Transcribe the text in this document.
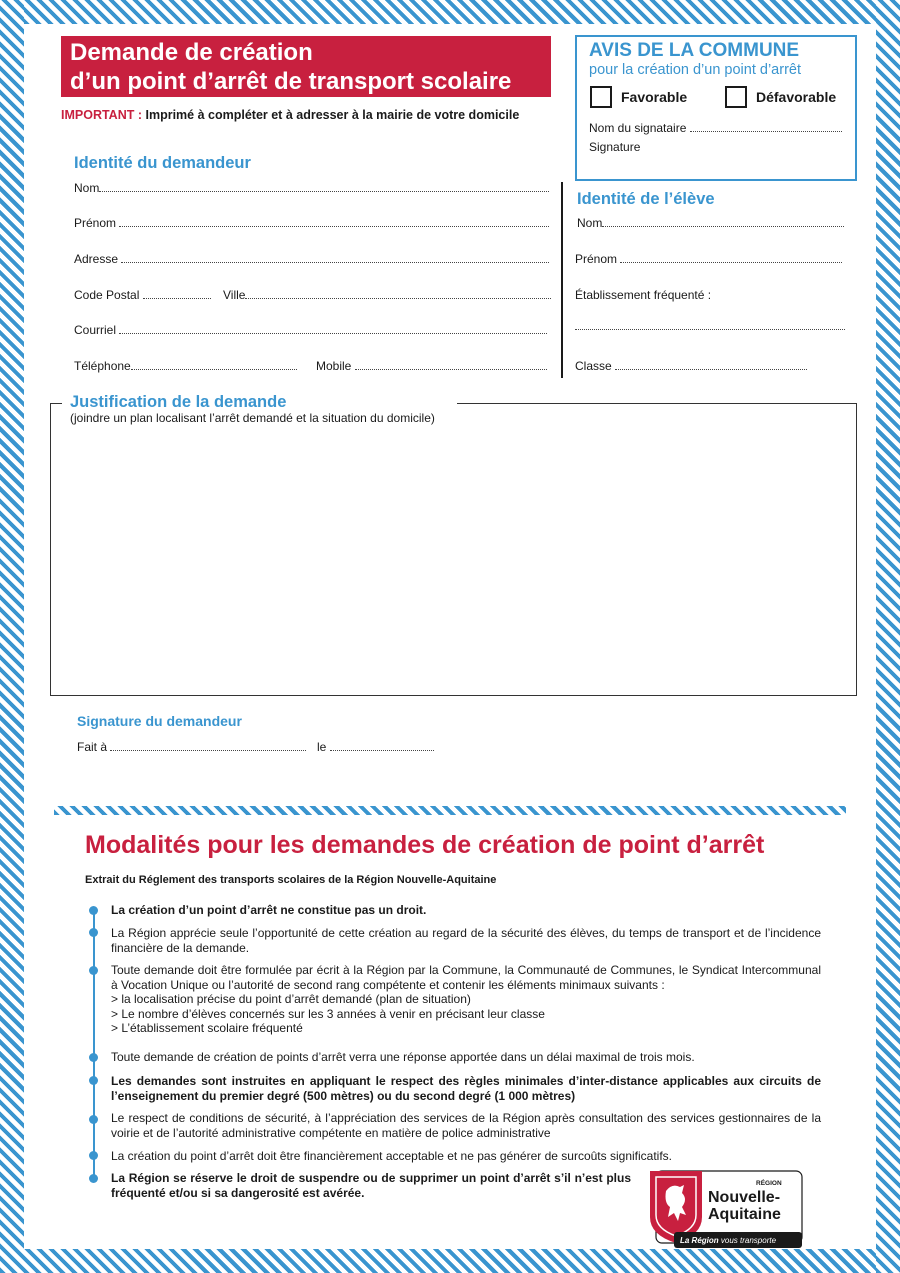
Demande de création
d’un point d’arrêt de transport scolaire
IMPORTANT : Imprimé à compléter et à adresser à la mairie de votre domicile
AVIS DE LA COMMUNE
pour la création d’un point d’arrêt
Favorable	Défavorable
Nom du signataire
Signature
Identité du demandeur
Nom
Prénom
Adresse
Code Postal	Ville
Courriel
Téléphone	Mobile
Identité de l’élève
Nom
Prénom
Établissement fréquenté :
Classe
Justification de la demande
(joindre un plan localisant l’arrêt demandé et la situation du domicile)
Signature du demandeur
Fait à	le
Modalités pour les demandes de création de point d’arrêt
Extrait du Réglement des transports scolaires de la Région Nouvelle-Aquitaine
La création d’un point d’arrêt ne constitue pas un droit.
La Région apprécie seule l’opportunité de cette création au regard de la sécurité des élèves, du temps de transport et de l’incidence financière de la demande.
Toute demande doit être formulée par écrit à la Région par la Commune, la Communauté de Communes, le Syndicat Intercommunal à Vocation Unique ou l’autorité de second rang compétente et contenir les éléments minimaux suivants :
> la localisation précise du point d’arrêt demandé (plan de situation)
> Le nombre d’élèves concernés sur les 3 années à venir en précisant leur classe
> L’établissement scolaire fréquenté
Toute demande de création de points d’arrêt verra une réponse apportée dans un délai maximal de trois mois.
Les demandes sont instruites en appliquant le respect des règles minimales d’inter-distance applicables aux circuits de l’enseignement du premier degré (500 mètres) ou du second degré (1 000 mètres)
Le respect de conditions de sécurité, à l’appréciation des services de la Région après consultation des services gestionnaires de la voirie et de l’autorité administrative compétente en matière de police administrative
La création du point d’arrêt doit être financièrement acceptable et ne pas générer de surcoûts significatifs.
La Région se réserve le droit de suspendre ou de supprimer un point d’arrêt s’il n’est plus fréquenté et/ou si sa dangerosité est avérée.
RÉGION
Nouvelle-
Aquitaine
La Région vous transporte
